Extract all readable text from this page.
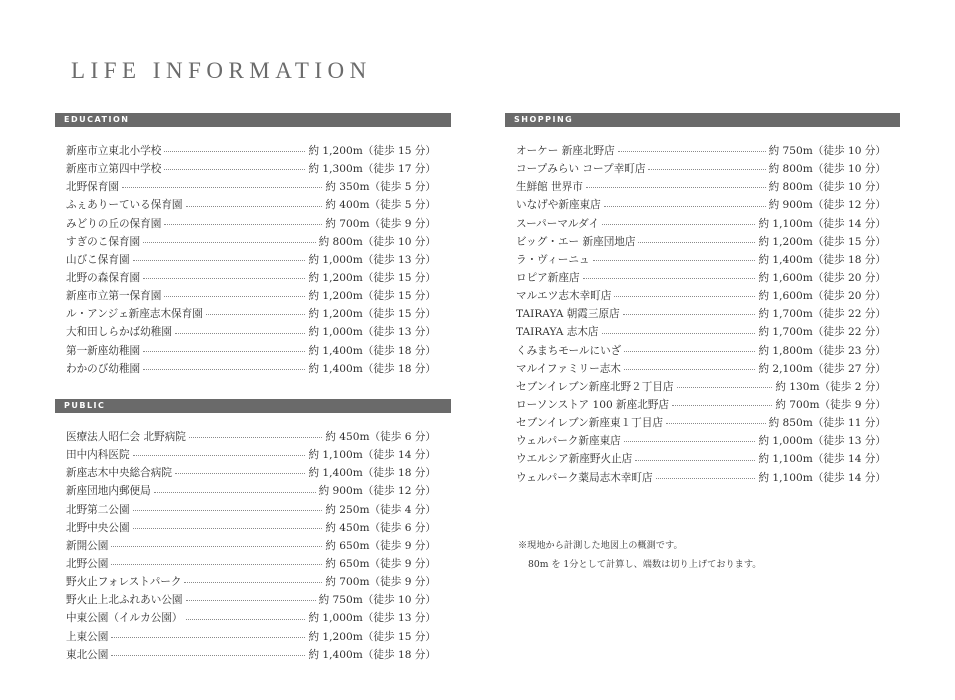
LIFE INFORMATION
EDUCATION
新座市立東北小学校	約 1,200m（徒歩 15 分）
新座市立第四中学校	約 1,300m（徒歩 17 分）
北野保育園	約 350m（徒歩 5 分）
ふぇありーている保育園	約 400m（徒歩 5 分）
みどりの丘の保育園	約 700m（徒歩 9 分）
すぎのこ保育園	約 800m（徒歩 10 分）
山びこ保育園	約 1,000m（徒歩 13 分）
北野の森保育園	約 1,200m（徒歩 15 分）
新座市立第一保育園	約 1,200m（徒歩 15 分）
ル・アンジェ新座志木保育園	約 1,200m（徒歩 15 分）
大和田しらかば幼稚園	約 1,000m（徒歩 13 分）
第一新座幼稚園	約 1,400m（徒歩 18 分）
わかのび幼稚園	約 1,400m（徒歩 18 分）
PUBLIC
医療法人昭仁会 北野病院	約 450m（徒歩 6 分）
田中内科医院	約 1,100m（徒歩 14 分）
新座志木中央総合病院	約 1,400m（徒歩 18 分）
新座団地内郵便局	約 900m（徒歩 12 分）
北野第二公園	約 250m（徒歩 4 分）
北野中央公園	約 450m（徒歩 6 分）
新開公園	約 650m（徒歩 9 分）
北野公園	約 650m（徒歩 9 分）
野火止フォレストパーク	約 700m（徒歩 9 分）
野火止上北ふれあい公園	約 750m（徒歩 10 分）
中東公園（イルカ公園）	約 1,000m（徒歩 13 分）
上東公園	約 1,200m（徒歩 15 分）
東北公園	約 1,400m（徒歩 18 分）
SHOPPING
オーケー 新座北野店	約 750m（徒歩 10 分）
コープみらい コープ幸町店	約 800m（徒歩 10 分）
生鮮館 世界市	約 800m（徒歩 10 分）
いなげや新座東店	約 900m（徒歩 12 分）
スーパーマルダイ	約 1,100m（徒歩 14 分）
ビッグ・エー 新座団地店	約 1,200m（徒歩 15 分）
ラ・ヴィーニュ	約 1,400m（徒歩 18 分）
ロピア新座店	約 1,600m（徒歩 20 分）
マルエツ志木幸町店	約 1,600m（徒歩 20 分）
TAIRAYA 朝霞三原店	約 1,700m（徒歩 22 分）
TAIRAYA 志木店	約 1,700m（徒歩 22 分）
くみまちモールにいざ	約 1,800m（徒歩 23 分）
マルイファミリー志木	約 2,100m（徒歩 27 分）
セブンイレブン新座北野２丁目店	約 130m（徒歩 2 分）
ローソンストア 100 新座北野店	約 700m（徒歩 9 分）
セブンイレブン新座東１丁目店	約 850m（徒歩 11 分）
ウェルパーク新座東店	約 1,000m（徒歩 13 分）
ウエルシア新座野火止店	約 1,100m（徒歩 14 分）
ウェルパーク薬局志木幸町店	約 1,100m（徒歩 14 分）
※現地から計測した地図上の概測です。
80m を 1分として計算し、端数は切り上げております。
